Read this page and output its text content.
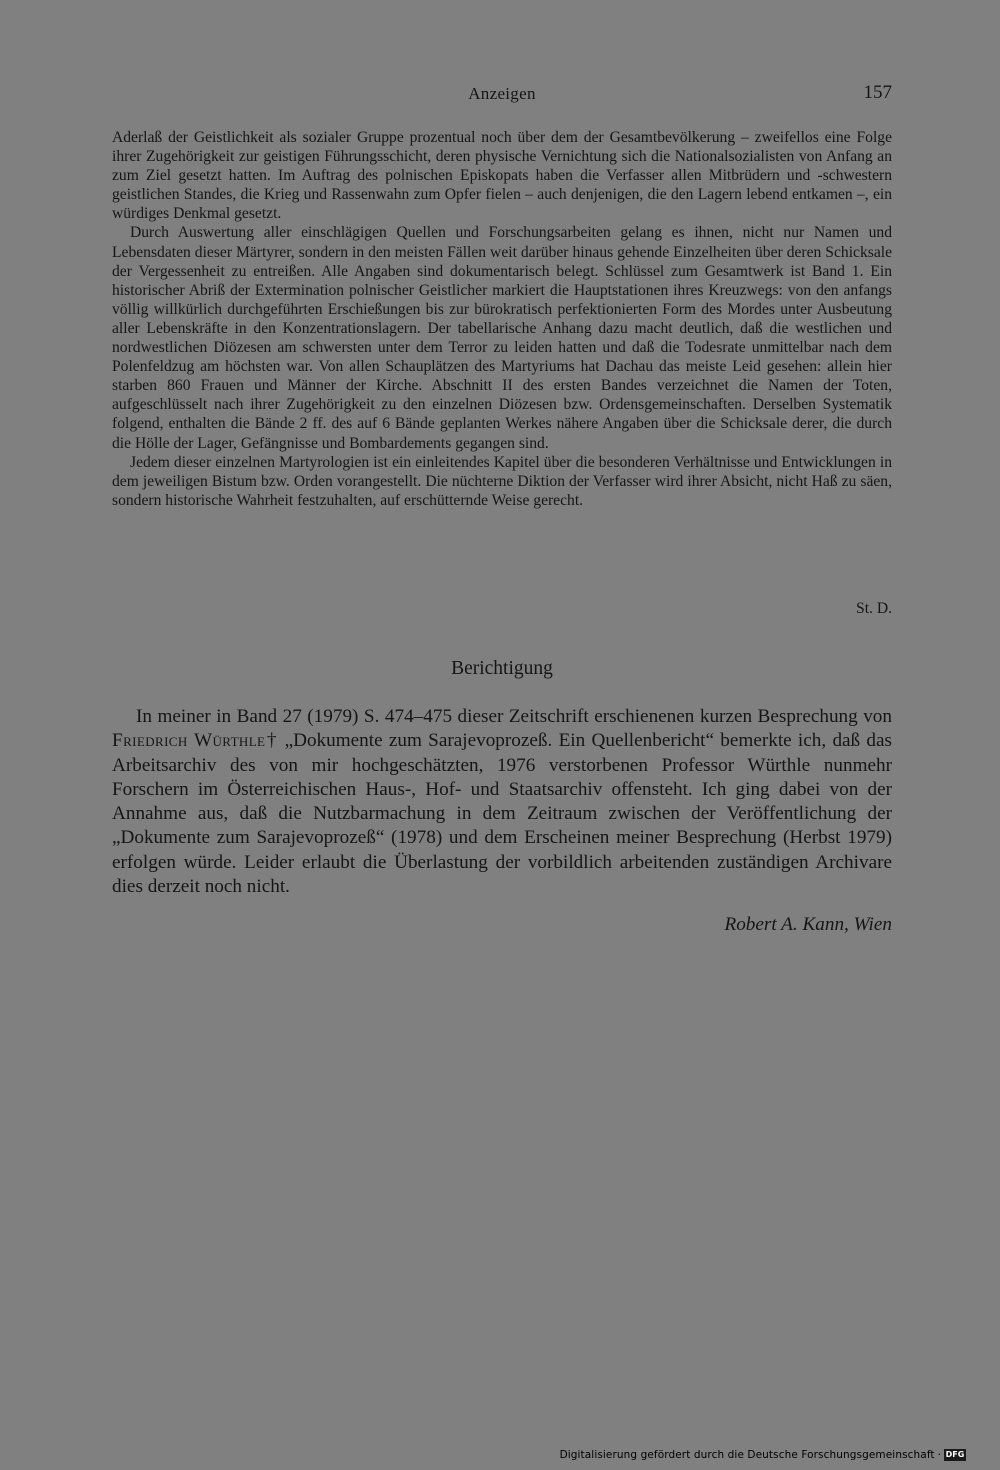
Anzeigen	157

Aderlaß der Geistlichkeit als sozialer Gruppe prozentual noch über dem der Gesamtbevölkerung – zweifellos eine Folge ihrer Zugehörigkeit zur geistigen Führungsschicht, deren physische Vernichtung sich die Nationalsozialisten von Anfang an zum Ziel gesetzt hatten. Im Auftrag des polnischen Episkopats haben die Verfasser allen Mitbrüdern und -schwestern geistlichen Standes, die Krieg und Rassenwahn zum Opfer fielen – auch denjenigen, die den Lagern lebend entkamen –, ein würdiges Denkmal gesetzt.

Durch Auswertung aller einschlägigen Quellen und Forschungsarbeiten gelang es ihnen, nicht nur Namen und Lebensdaten dieser Märtyrer, sondern in den meisten Fällen weit darüber hinaus gehende Einzelheiten über deren Schicksale der Vergessenheit zu entreißen. Alle Angaben sind dokumentarisch belegt. Schlüssel zum Gesamtwerk ist Band 1. Ein historischer Abriß der Extermination polnischer Geistlicher markiert die Hauptstationen ihres Kreuzwegs: von den anfangs völlig willkürlich durchgeführten Erschießungen bis zur bürokratisch perfektionierten Form des Mordes unter Ausbeutung aller Lebenskräfte in den Konzentrationslagern. Der tabellarische Anhang dazu macht deutlich, daß die westlichen und nordwestlichen Diözesen am schwersten unter dem Terror zu leiden hatten und daß die Todesrate unmittelbar nach dem Polenfeldzug am höchsten war. Von allen Schauplätzen des Martyriums hat Dachau das meiste Leid gesehen: allein hier starben 860 Frauen und Männer der Kirche. Abschnitt II des ersten Bandes verzeichnet die Namen der Toten, aufgeschlüsselt nach ihrer Zugehörigkeit zu den einzelnen Diözesen bzw. Ordensgemeinschaften. Derselben Systematik folgend, enthalten die Bände 2 ff. des auf 6 Bände geplanten Werkes nähere Angaben über die Schicksale derer, die durch die Hölle der Lager, Gefängnisse und Bombardements gegangen sind.

Jedem dieser einzelnen Martyrologien ist ein einleitendes Kapitel über die besonderen Verhältnisse und Entwicklungen in dem jeweiligen Bistum bzw. Orden vorangestellt. Die nüchterne Diktion der Verfasser wird ihrer Absicht, nicht Haß zu säen, sondern historische Wahrheit festzuhalten, auf erschütternde Weise gerecht.

St. D.
Berichtigung

In meiner in Band 27 (1979) S. 474–475 dieser Zeitschrift erschienenen kurzen Besprechung von Friedrich Würthle† „Dokumente zum Sarajevoprozeß. Ein Quellenbericht“ bemerkte ich, daß das Arbeitsarchiv des von mir hochgeschätzten, 1976 verstorbenen Professor Würthle nunmehr Forschern im Österreichischen Haus-, Hof- und Staatsarchiv offensteht. Ich ging dabei von der Annahme aus, daß die Nutzbarmachung in dem Zeitraum zwischen der Veröffentlichung der „Dokumente zum Sarajevoprozeß“ (1978) und dem Erscheinen meiner Besprechung (Herbst 1979) erfolgen würde. Leider erlaubt die Überlastung der vorbildlich arbeitenden zuständigen Archivare dies derzeit noch nicht.

Robert A. Kann, Wien
Digitalisierung gefördert durch die Deutsche Forschungsgemeinschaft · DFG
